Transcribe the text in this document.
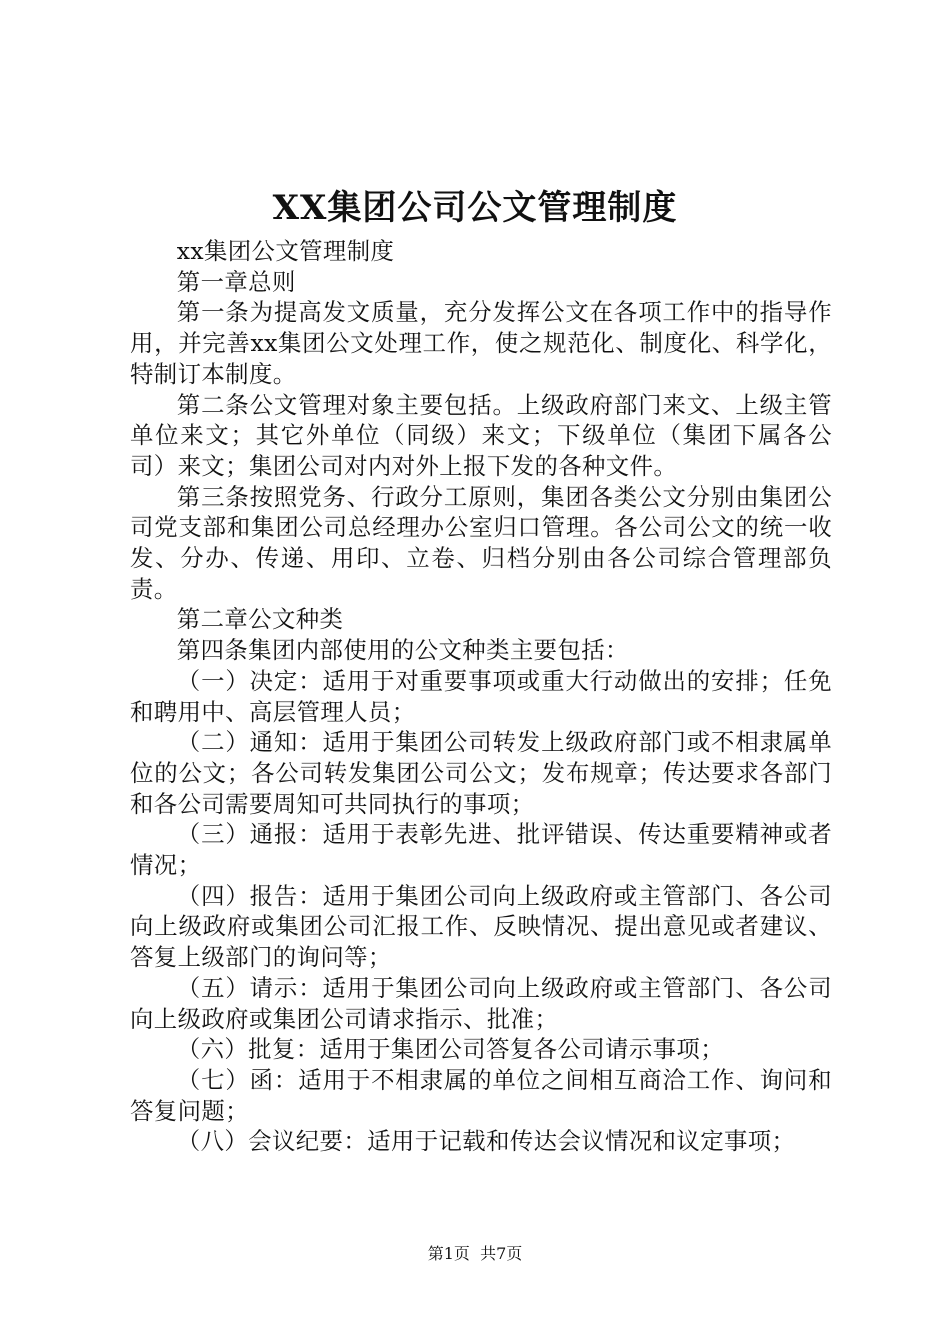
XX集团公司公文管理制度

xx集团公文管理制度

第一章总则

第一条为提高发文质量，充分发挥公文在各项工作中的指导作用，并完善xx集团公文处理工作，使之规范化、制度化、科学化，特制订本制度。

第二条公文管理对象主要包括。上级政府部门来文、上级主管单位来文；其它外单位（同级）来文；下级单位（集团下属各公司）来文；集团公司对内对外上报下发的各种文件。

第三条按照党务、行政分工原则，集团各类公文分别由集团公司党支部和集团公司总经理办公室归口管理。各公司公文的统一收发、分办、传递、用印、立卷、归档分别由各公司综合管理部负责。

第二章公文种类

第四条集团内部使用的公文种类主要包括：

（一）决定：适用于对重要事项或重大行动做出的安排；任免和聘用中、高层管理人员；

（二）通知：适用于集团公司转发上级政府部门或不相隶属单位的公文；各公司转发集团公司公文；发布规章；传达要求各部门和各公司需要周知可共同执行的事项；

（三）通报：适用于表彰先进、批评错误、传达重要精神或者情况；

（四）报告：适用于集团公司向上级政府或主管部门、各公司向上级政府或集团公司汇报工作、反映情况、提出意见或者建议、答复上级部门的询问等；

（五）请示：适用于集团公司向上级政府或主管部门、各公司向上级政府或集团公司请求指示、批准；

（六）批复：适用于集团公司答复各公司请示事项；

（七）函：适用于不相隶属的单位之间相互商洽工作、询问和答复问题；

（八）会议纪要：适用于记载和传达会议情况和议定事项；

第1页  共7页
